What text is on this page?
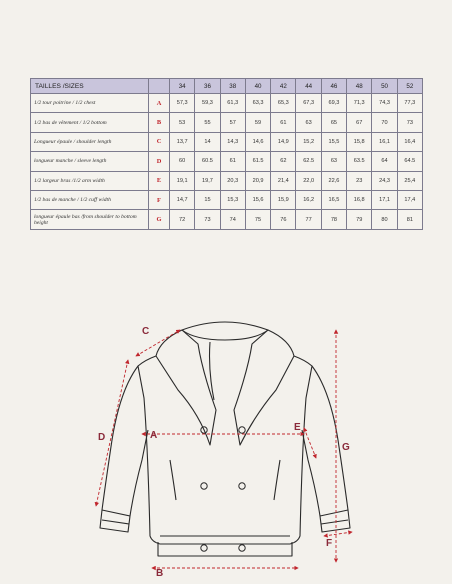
TAILLES /SIZES		34	36	38	40	42	44	46	48	50	52
1/2 tour poitrine / 1/2 chest	A	57,3	59,3	61,3	63,3	65,3	67,3	69,3	71,3	74,3	77,3
1/2 bas de vêtement / 1/2 bottom	B	53	55	57	59	61	63	65	67	70	73
Longueur épaule / shoulder length	C	13,7	14	14,3	14,6	14,9	15,2	15,5	15,8	16,1	16,4
longueur manche / sleeve length	D	60	60.5	61	61.5	62	62.5	63	63.5	64	64.5
1/2 largeur bras /1/2 arm width	E	19,1	19,7	20,3	20,9	21,4	22,0	22,6	23	24,3	25,4
1/2 bas de manche / 1/2 cuff width	F	14,7	15	15,3	15,6	15,9	16,2	16,5	16,8	17,1	17,4
longueur épaule bas /from shoulder to bottom height	G	72	73	74	75	76	77	78	79	80	81
A
B
C
D
E
F
G
